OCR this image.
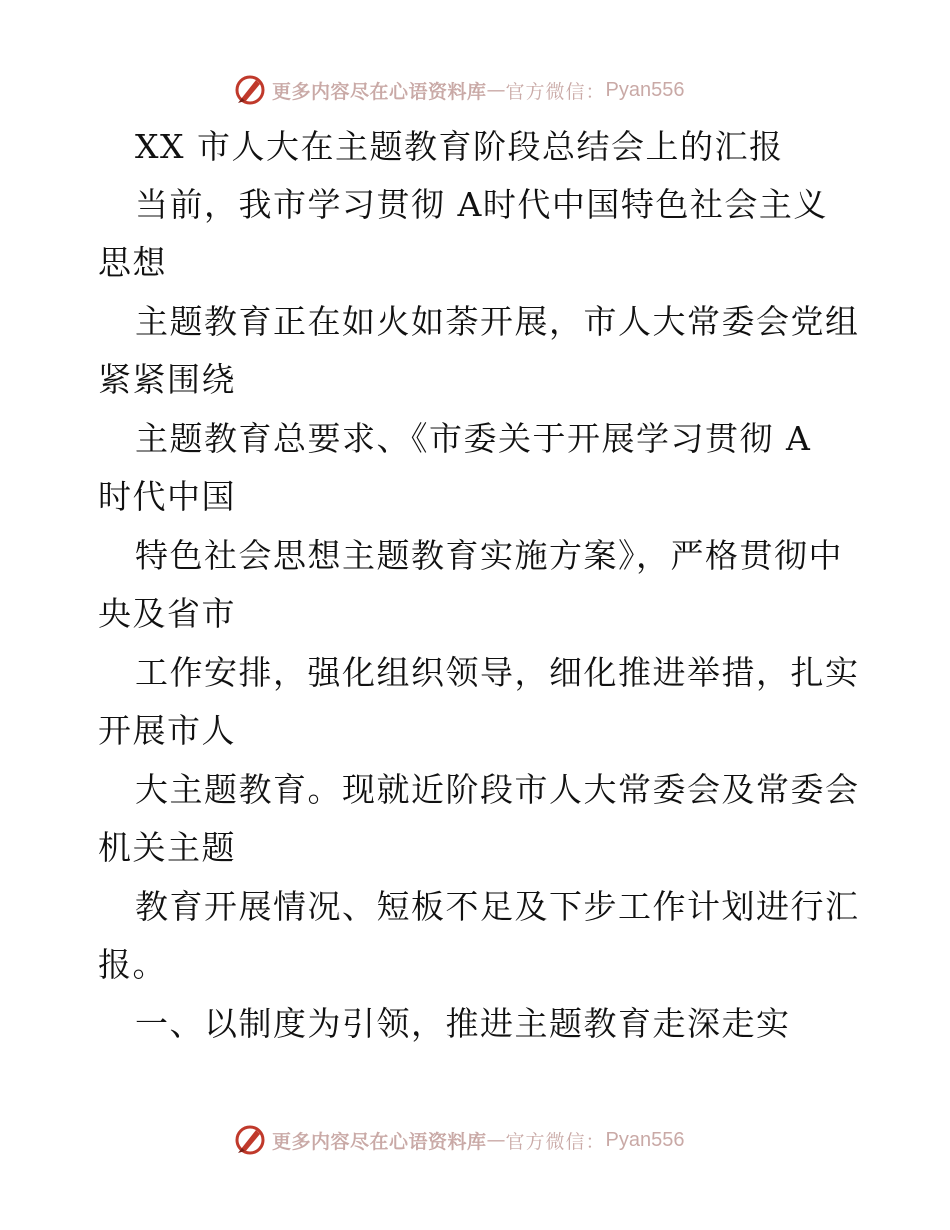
更多内容尽在心语资料库 — 官方微信： Pyan556
XX 市人大在主题教育阶段总结会上的汇报
当前，我市学习贯彻 A时代中国特色社会主义
思想
主题教育正在如火如荼开展，市人大常委会党组
紧紧围绕
主题教育总要求、《市委关于开展学习贯彻 A
时代中国
特色社会思想主题教育实施方案》，严格贯彻中
央及省市
工作安排，强化组织领导，细化推进举措，扎实
开展市人
大主题教育。现就近阶段市人大常委会及常委会
机关主题
教育开展情况、短板不足及下步工作计划进行汇
报。
一、以制度为引领，推进主题教育走深走实
更多内容尽在心语资料库 — 官方微信： Pyan556
